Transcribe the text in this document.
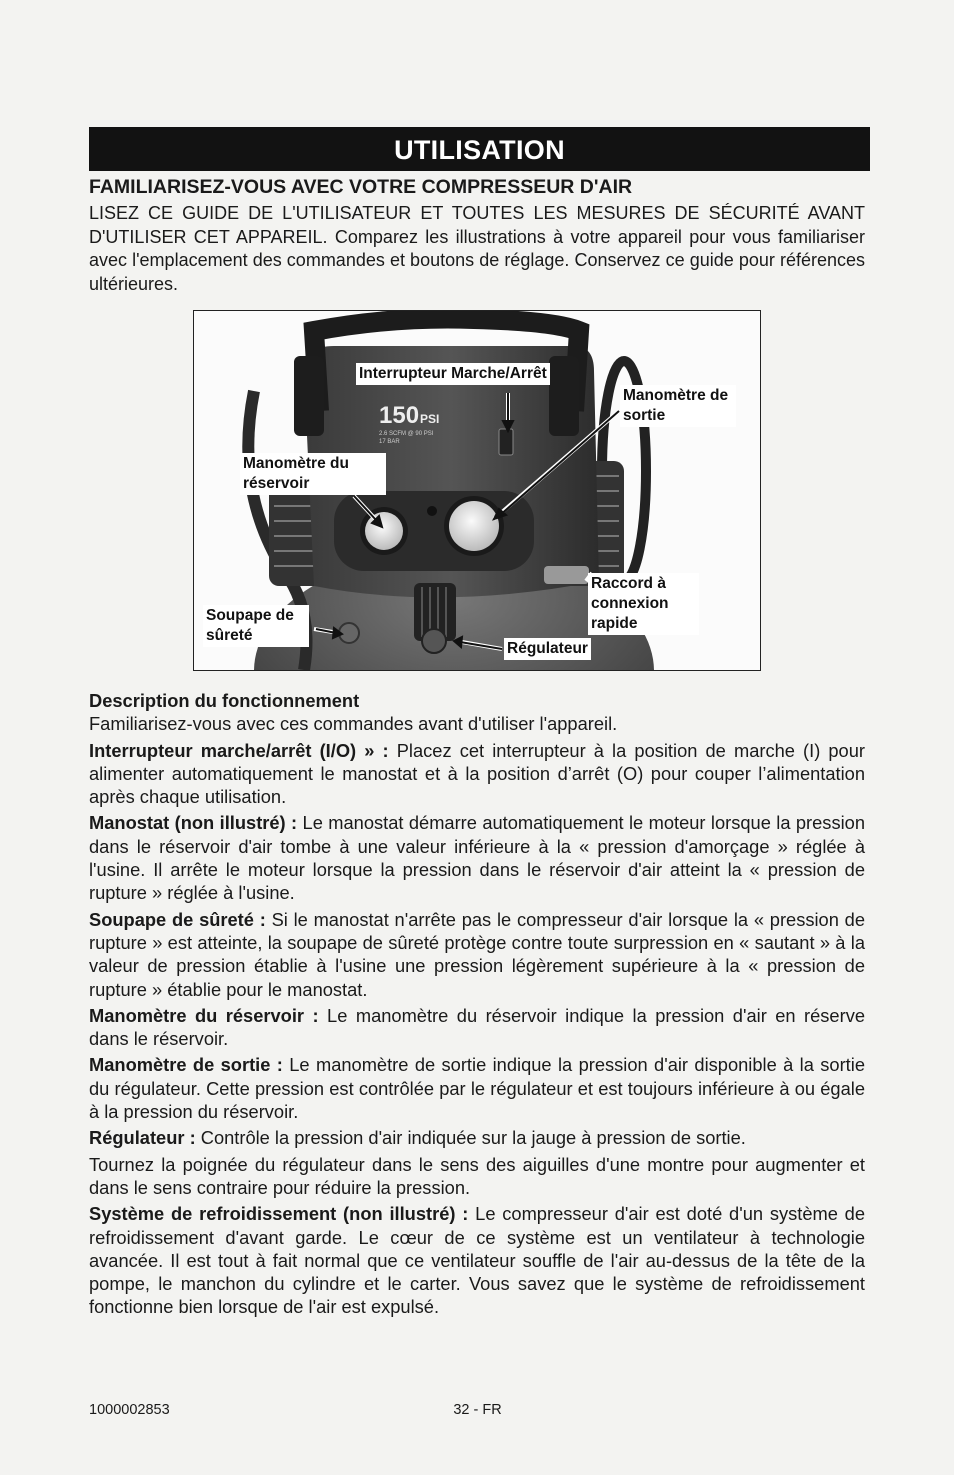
UTILISATION
FAMILIARISEZ-VOUS AVEC VOTRE COMPRESSEUR D'AIR
LISEZ CE GUIDE DE L'UTILISATEUR ET TOUTES LES MESURES DE SÉCURITÉ AVANT D'UTILISER CET APPAREIL. Comparez les illustrations à votre appareil pour vous familiariser avec l'emplacement des commandes et boutons de réglage. Conservez ce guide pour références ultérieures.
150 PSI
2.6 SCFM @ 90 PSI
17 BAR
Interrupteur Marche/Arrêt
Manomètre de sortie
Manomètre du réservoir
Raccord à connexion rapide
Soupape de sûreté
Régulateur

Description du fonctionnement

Familiarisez-vous avec ces commandes avant d'utiliser l'appareil.

Interrupteur marche/arrêt (I/O) » : Placez cet interrupteur à la position de marche (I) pour alimenter automatiquement le manostat et à la position d’arrêt (O) pour couper l’alimentation après chaque utilisation.

Manostat (non illustré) : Le manostat démarre automatiquement le moteur lorsque la pression dans le réservoir d'air tombe à une valeur inférieure à la « pression d'amorçage » réglée à l'usine. Il arrête le moteur lorsque la pression dans le réservoir d'air atteint la « pression de rupture » réglée à l'usine.

Soupape de sûreté : Si le manostat n'arrête pas le compresseur d'air lorsque la « pression de rupture » est atteinte, la soupape de sûreté protège contre toute surpression en « sautant » à la valeur de pression établie à l'usine une pression légèrement supérieure à la « pression de rupture » établie pour le manostat.

Manomètre du réservoir : Le manomètre du réservoir indique la pression d'air en réserve dans le réservoir.

Manomètre de sortie : Le manomètre de sortie indique la pression d'air disponible à la sortie du régulateur. Cette pression est contrôlée par le régulateur et est toujours inférieure à ou égale à la pression du réservoir.

Régulateur : Contrôle la pression d'air indiquée sur la jauge à pression de sortie.

Tournez la poignée du régulateur dans le sens des aiguilles d'une montre pour augmenter et dans le sens contraire pour réduire la pression.

Système de refroidissement (non illustré) : Le compresseur d'air est doté d'un système de refroidissement d'avant garde. Le cœur de ce système est un ventilateur à technologie avancée. Il est tout à fait normal que ce ventilateur souffle de l'air au-dessus de la tête de la pompe, le manchon du cylindre et le carter. Vous savez que le système de refroidissement fonctionne bien lorsque de l'air est expulsé.

1000002853	32 - FR
